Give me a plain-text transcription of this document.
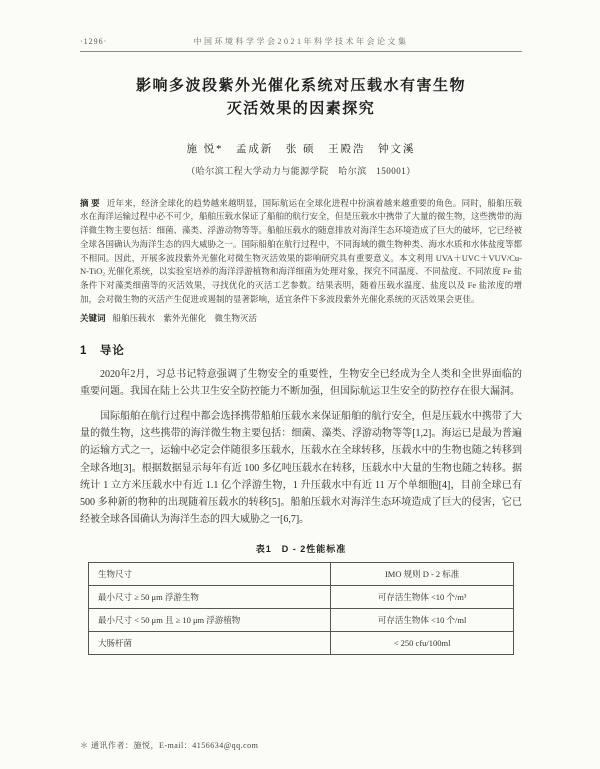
·1296·	中国环境科学学会2021年科学技术年会论文集
影响多波段紫外光催化系统对压载水有害生物
灭活效果的因素探究
施 悦*　孟成新　张 硕　王殿浩　钟文溪
（哈尔滨工程大学动力与能源学院　哈尔滨　150001）

摘 要 近年来，经济全球化的趋势越来越明显，国际航运在全球化进程中扮演着越来越重要的角色。同时，船舶压载水在海洋运输过程中必不可少，船舶压载水保证了船舶的航行安全，但是压载水中携带了大量的微生物，这些携带的海洋微生物主要包括：细菌、藻类、浮游动物等等。船舶压载水的随意排放对海洋生态环境造成了巨大的破坏，它已经被全球各国确认为海洋生态的四大威胁之一。国际船舶在航行过程中，不同海域的微生物种类、海水水质和水体盐度等都不相同。因此，开展多波段紫外光催化对微生物灭活效果的影响研究具有重要意义。本文利用 UVA＋UVC＋VUV/Cu-N-TiO₂ 光催化系统，以实验室培养的海洋浮游植物和海洋细菌为处理对象，探究不同温度、不同盐度、不同浓度 Fe 盐条件下对藻类细菌等的灭活效果，寻找优化的灭活工艺参数。结果表明，随着压载水温度、盐度以及 Fe 盐浓度的增加，会对微生物的灭活产生促进或遏制的显著影响，适宜条件下多波段紫外光催化系统的灭活效果会更佳。

关键词 船舶压载水　紫外光催化　微生物灭活

1　导论

2020年2月，习总书记特意强调了生物安全的重要性，生物安全已经成为全人类和全世界面临的重要问题。我国在陆上公共卫生安全防控能力不断加强，但国际航运卫生安全的防控存在很大漏洞。

国际船舶在航行过程中都会选择携带船舶压载水来保证船舶的航行安全，但是压载水中携带了大量的微生物，这些携带的海洋微生物主要包括：细菌、藻类、浮游动物等等[1,2]。海运已是最为普遍的运输方式之一，运输中必定会伴随很多压载水，压载水在全球转移，压载水中的生物也随之转移到全球各地[3]。根据数据显示每年有近 100 多亿吨压载水在转移，压载水中大量的生物也随之转移。据统计 1 立方米压载水中有近 1.1 亿个浮游生物，1 升压载水中有近 11 万个单细胞[4]，目前全球已有 500 多种新的物种的出现随着压载水的转移[5]。船舶压载水对海洋生态环境造成了巨大的侵害，它已经被全球各国确认为海洋生态的四大威胁之一[6,7]。

表1　D - 2性能标准
生物尺寸	IMO 规则 D - 2 标准
最小尺寸 ≥ 50 μm 浮游生物	可存活生物体 <10 个/m³
最小尺寸 < 50 μm 且 ≥ 10 μm 浮游植物	可存活生物体 <10 个/ml
大肠杆菌	< 250 cfu/100ml
＊ 通讯作者：施悦，E-mail：4156634@qq.com
